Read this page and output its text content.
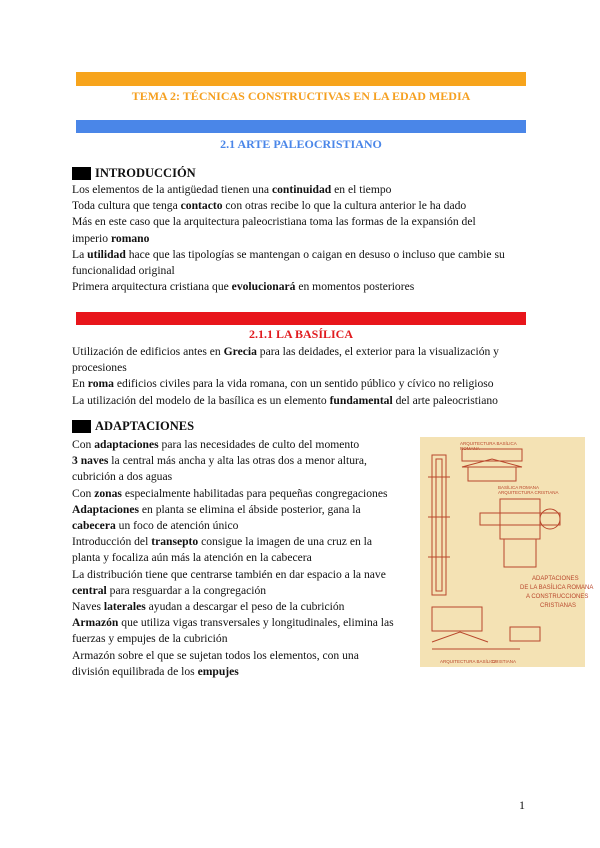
TEMA 2: TÉCNICAS CONSTRUCTIVAS EN LA EDAD MEDIA
2.1 ARTE PALEOCRISTIANO
INTRODUCCIÓN
Los elementos de la antigüedad tienen una continuidad en el tiempo
Toda cultura que tenga contacto con otras recibe lo que la cultura anterior le ha dado
Más en este caso que la arquitectura paleocristiana toma las formas de la expansión del
imperio romano
La utilidad hace que las tipologías se mantengan o caigan en desuso o incluso que cambie su
funcionalidad original
Primera arquitectura cristiana que evolucionará en momentos posteriores
2.1.1 LA BASÍLICA
Utilización de edificios antes en Grecia para las deidades, el exterior para la visualización y
procesiones
En roma edificios civiles para la vida romana, con un sentido público y cívico no religioso
La utilización del modelo de la basílica es un elemento fundamental del arte paleocristiano
ADAPTACIONES
Con adaptaciones para las necesidades de culto del momento
3 naves la central más ancha y alta las otras dos a menor altura,
cubrición a dos aguas
Con zonas especialmente habilitadas para pequeñas congregaciones
Adaptaciones en planta se elimina el ábside posterior, gana la
cabecera un foco de atención único
Introducción del transepto consigue la imagen de una cruz en la
planta y focaliza aún más la atención en la cabecera
La distribución tiene que centrarse también en dar espacio a la nave
central para resguardar a la congregación
Naves laterales ayudan a descargar el peso de la cubrición
Armazón que utiliza vigas transversales y longitudinales, elimina las
fuerzas y empujes de la cubrición
Armazón sobre el que se sujetan todos los elementos, con una
división equilibrada de los empujes
ARQUITECTURA BASÍLICA
ROMANA
BASÍLICA ROMANA
ARQUITECTURA CRISTIANA
ARQUITECTURA BASÍLICA
CRISTIANA
ADAPTACIONES
DE LA BASÍLICA ROMANA
A CONSTRUCCIONES
CRISTIANAS
1
